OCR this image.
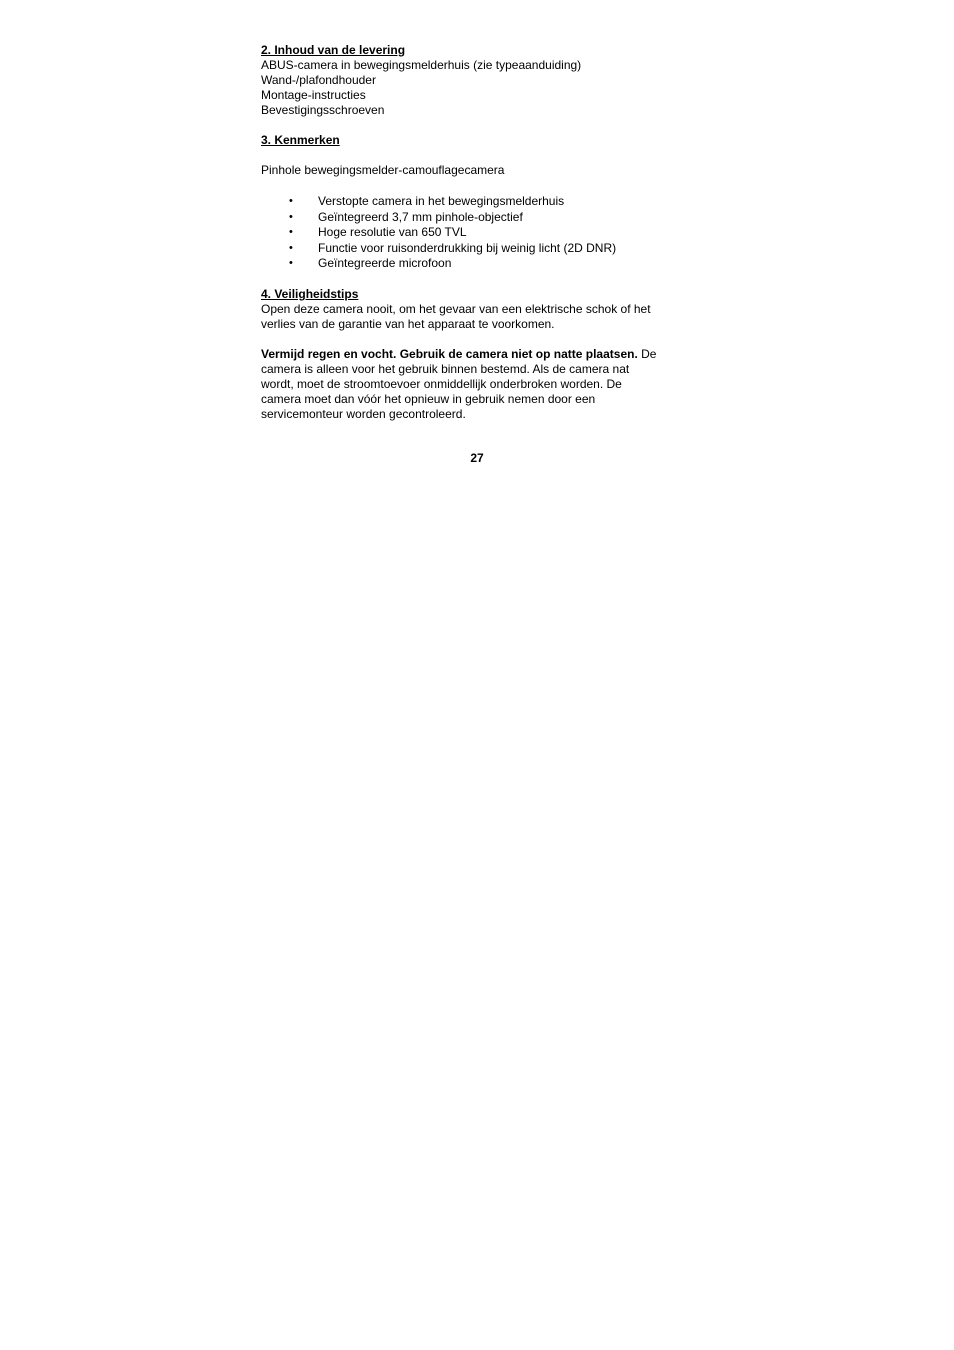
2. Inhoud van de levering

ABUS-camera in bewegingsmelderhuis (zie typeaanduiding)

Wand-/plafondhouder

Montage-instructies

Bevestigingsschroeven

3. Kenmerken

Pinhole bewegingsmelder-camouflagecamera

• Verstopte camera in het bewegingsmelderhuis
• Geïntegreerd 3,7 mm pinhole-objectief
• Hoge resolutie van 650 TVL
• Functie voor ruisonderdrukking bij weinig licht (2D DNR)
• Geïntegreerde microfoon

4. Veiligheidstips

Open deze camera nooit, om het gevaar van een elektrische schok of het

verlies van de garantie van het apparaat te voorkomen.

Vermijd regen en vocht. Gebruik de camera niet op natte plaatsen. De

camera is alleen voor het gebruik binnen bestemd. Als de camera nat

wordt, moet de stroomtoevoer onmiddellijk onderbroken worden. De

camera moet dan vóór het opnieuw in gebruik nemen door een

servicemonteur worden gecontroleerd.

27
